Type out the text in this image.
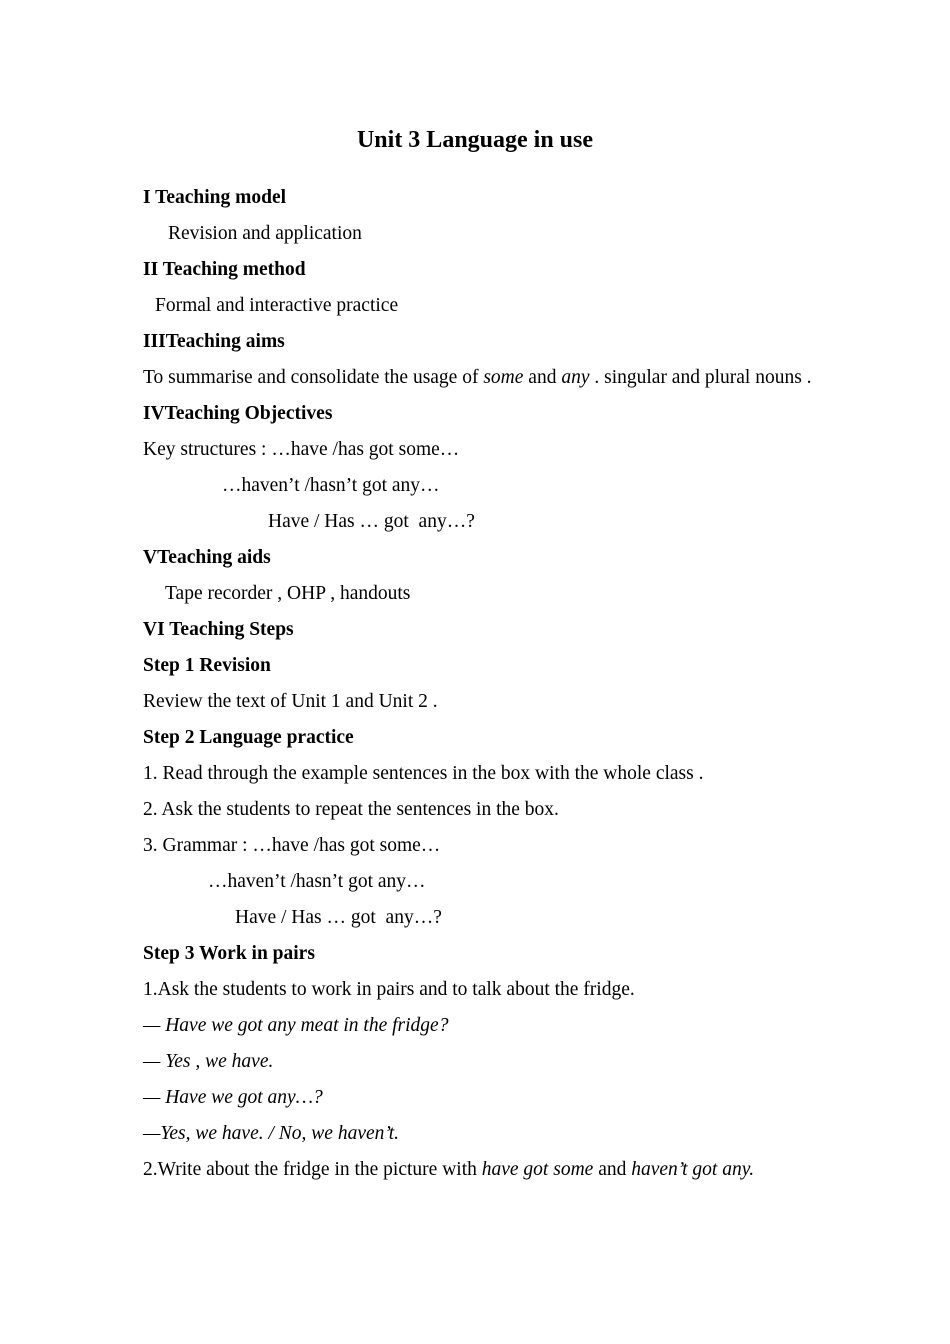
Unit 3 Language in use

I Teaching model

Revision and application

II Teaching method

Formal and interactive practice

IIITeaching aims

To summarise and consolidate the usage of some and any . singular and plural nouns .

IVTeaching Objectives

Key structures : …have /has got some…

…haven’t /hasn’t got any…

Have / Has … got  any…?

VTeaching aids

Tape recorder , OHP , handouts

VI Teaching Steps

Step 1 Revision

Review the text of Unit 1 and Unit 2 .

Step 2 Language practice

1. Read through the example sentences in the box with the whole class .

2. Ask the students to repeat the sentences in the box.

3. Grammar : …have /has got some…

…haven’t /hasn’t got any…

Have / Has … got  any…?

Step 3 Work in pairs

1.Ask the students to work in pairs and to talk about the fridge.

— Have we got any meat in the fridge?

— Yes , we have.

— Have we got any…?

—Yes, we have. / No, we haven’t.

2.Write about the fridge in the picture with have got some and haven’t got any.
